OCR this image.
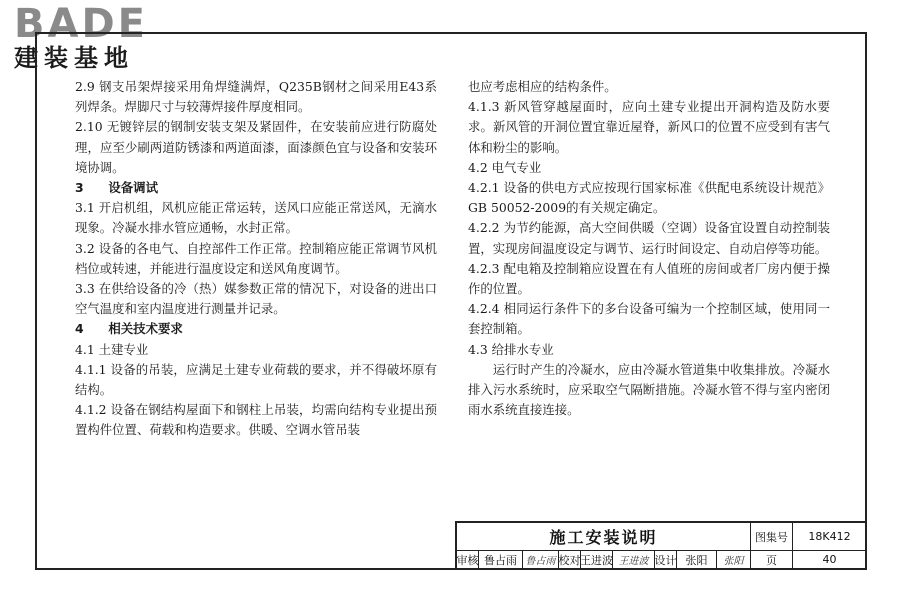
BADE
建装基地

2.9 钢支吊架焊接采用角焊缝满焊，Q235B钢材之间采用E43系列焊条。焊脚尺寸与较薄焊接件厚度相同。

2.10 无镀锌层的钢制安装支架及紧固件，在安装前应进行防腐处理，应至少刷两道防锈漆和两道面漆，面漆颜色宜与设备和安装环境协调。

3　　设备调试

3.1 开启机组，风机应能正常运转，送风口应能正常送风，无滴水现象。冷凝水排水管应通畅，水封正常。

3.2 设备的各电气、自控部件工作正常。控制箱应能正常调节风机档位或转速，并能进行温度设定和送风角度调节。

3.3 在供给设备的冷（热）媒参数正常的情况下，对设备的进出口空气温度和室内温度进行测量并记录。

4　　相关技术要求

4.1 土建专业

4.1.1 设备的吊装，应满足土建专业荷载的要求，并不得破坏原有结构。

4.1.2 设备在钢结构屋面下和钢柱上吊装，均需向结构专业提出预置构件位置、荷载和构造要求。供暖、空调水管吊装

也应考虑相应的结构条件。

4.1.3 新风管穿越屋面时，应向土建专业提出开洞构造及防水要求。新风管的开洞位置宜靠近屋脊，新风口的位置不应受到有害气体和粉尘的影响。

4.2 电气专业

4.2.1 设备的供电方式应按现行国家标准《供配电系统设计规范》GB 50052-2009的有关规定确定。

4.2.2 为节约能源，高大空间供暖（空调）设备宜设置自动控制装置，实现房间温度设定与调节、运行时间设定、自动启停等功能。

4.2.3 配电箱及控制箱应设置在有人值班的房间或者厂房内便于操作的位置。

4.2.4 相同运行条件下的多台设备可编为一个控制区域，使用同一套控制箱。

4.3 给排水专业

运行时产生的冷凝水，应由冷凝水管道集中收集排放。冷凝水排入污水系统时，应采取空气隔断措施。冷凝水管不得与室内密闭雨水系统直接连接。

施工安装说明	图集号	18K412
审核 鲁占雨 鲁占雨 校对 王进波 王进波 设计 张阳	张阳	页	40
